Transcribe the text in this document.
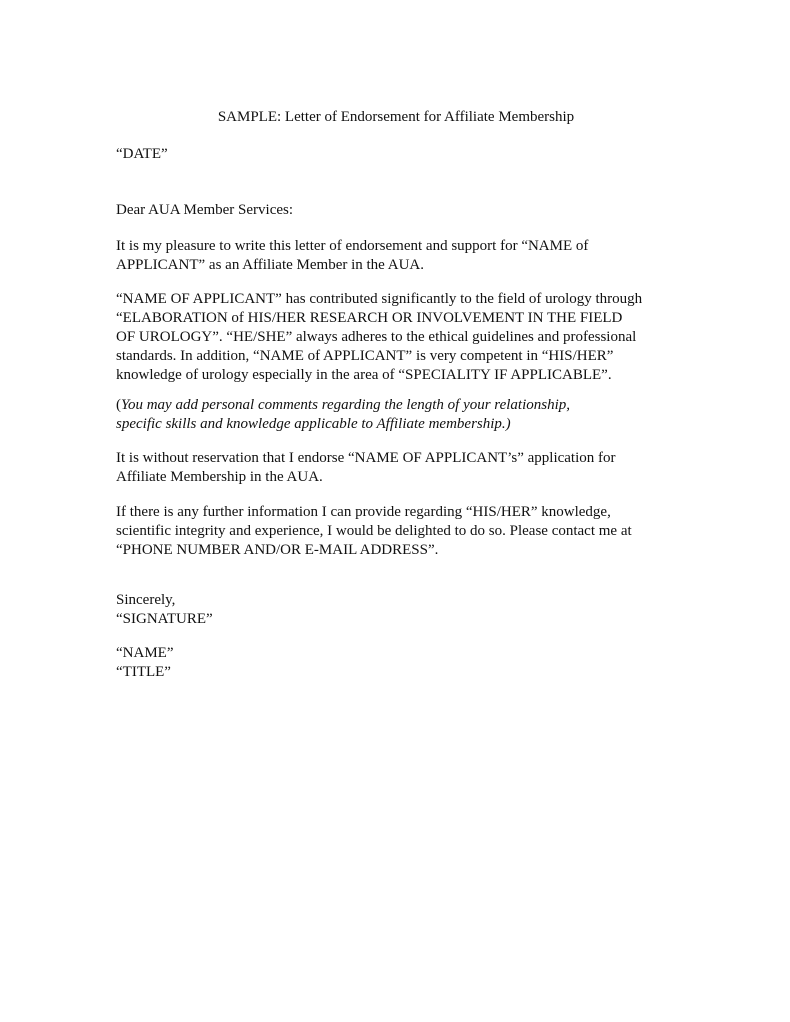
SAMPLE: Letter of Endorsement for Affiliate Membership

“DATE”

Dear AUA Member Services:

It is my pleasure to write this letter of endorsement and support for “NAME of

APPLICANT” as an Affiliate Member in the AUA.

“NAME OF APPLICANT” has contributed significantly to the field of urology through

“ELABORATION of HIS/HER RESEARCH OR INVOLVEMENT IN THE FIELD

OF UROLOGY”. “HE/SHE” always adheres to the ethical guidelines and professional

standards. In addition, “NAME of APPLICANT” is very competent in “HIS/HER”

knowledge of urology especially in the area of “SPECIALITY IF APPLICABLE”.

(You may add personal comments regarding the length of your relationship,

specific skills and knowledge applicable to Affiliate membership.)

It is without reservation that I endorse “NAME OF APPLICANT’s” application for

Affiliate Membership in the AUA.

If there is any further information I can provide regarding “HIS/HER” knowledge,

scientific integrity and experience, I would be delighted to do so. Please contact me at

“PHONE NUMBER AND/OR E-MAIL ADDRESS”.

Sincerely,

“SIGNATURE”

“NAME”

“TITLE”
